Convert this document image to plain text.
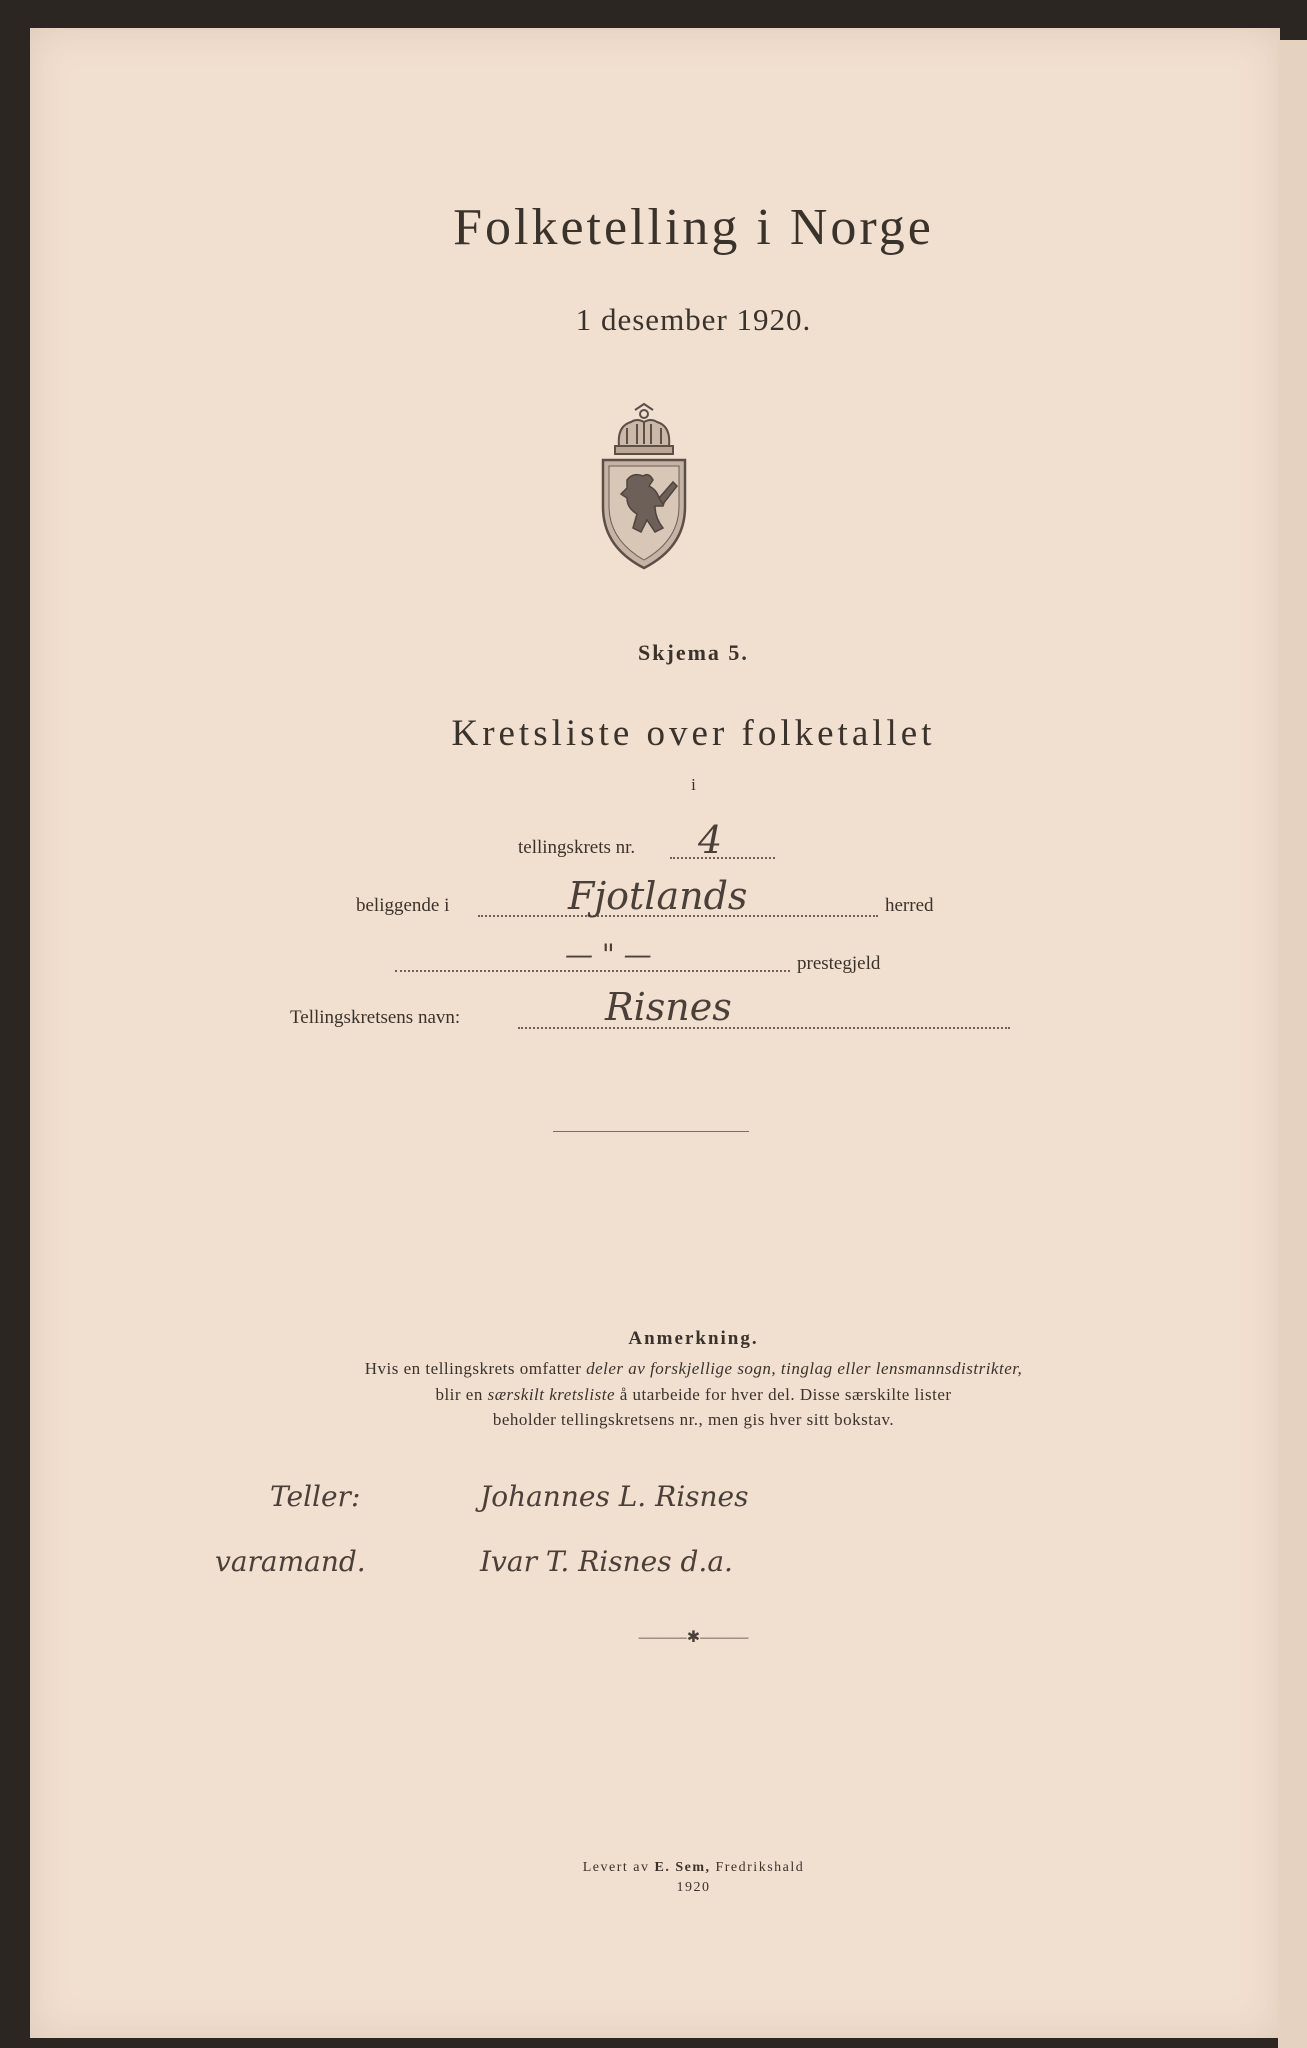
Folketelling i Norge
1 desember 1920.
Skjema 5.
Kretsliste over folketallet
i
tellingskrets nr. 4
beliggende i	Fjotlands	herred
— " —	prestegjeld
Tellingskretsens navn:	Risnes
Anmerkning.
Hvis en tellingskrets omfatter deler av forskjellige sogn, tinglag eller lensmannsdistrikter,
blir en særskilt kretsliste å utarbeide for hver del. Disse særskilte lister
beholder tellingskretsens nr., men gis hver sitt bokstav.
Teller:	Johannes L. Risnes
varamand.	Ivar T. Risnes d.a.
———✱———
Levert av E. Sem, Fredrikshald
1920
